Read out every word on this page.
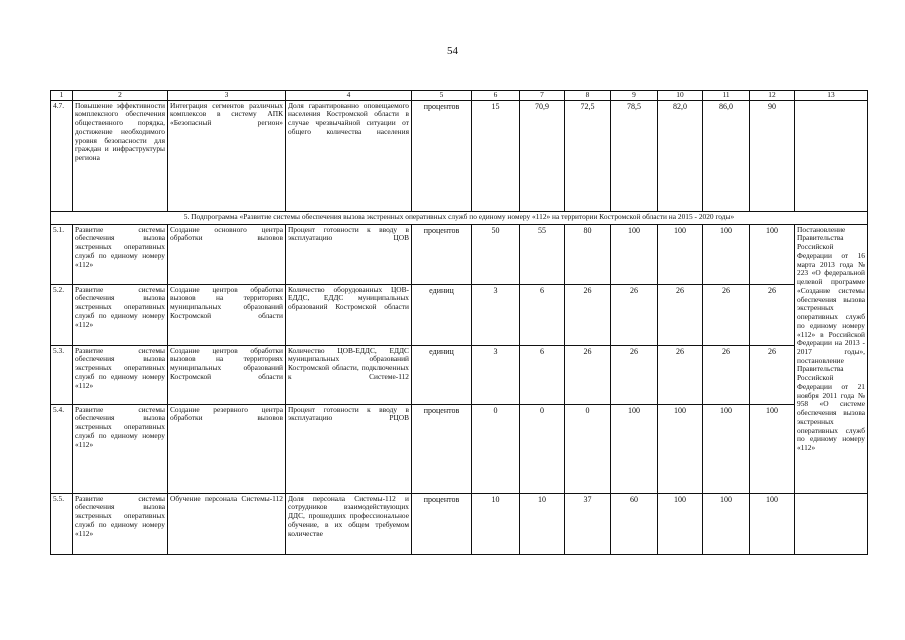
54
1	2	3	4	5	6	7	8	9	10	11	12	13
4.7.	Повышение эффективности комплексного обеспечения общественного порядка, достижение необходимого уровня безопасности для граждан и инфраструктуры региона	Интеграция сегментов различных комплексов в систему АПК «Безопасный регион»	Доля гарантированно оповещаемого населения Костромской области в случае чрезвычайной ситуации от общего количества населения	процентов	15	70,9	72,5	78,5	82,0	86,0	90	
5. Подпрограмма «Развитие системы обеспечения вызова экстренных оперативных служб по единому номеру «112» на территории Костромской области на 2015 - 2020 годы»												
5.1.	Развитие системы обеспечения вызова экстренных оперативных служб по единому номеру «112»	Создание основного центра обработки вызовов	Процент готовности к вводу в эксплуатацию ЦОВ	процентов	50	55	80	100	100	100	100	Постановление Правительства Российской Федерации от 16 марта 2013 года № 223 «О федеральной целевой программе «Создание системы обеспечения вызова экстренных оперативных служб по единому номеру «112» в Российской Федерации на 2013 - 2017 годы», постановление Правительства Российской Федерации от 21 ноября 2011 года № 958 «О системе обеспечения вызова экстренных оперативных служб по единому номеру «112»
5.2.	Развитие системы обеспечения вызова экстренных оперативных служб по единому номеру «112»	Создание центров обработки вызовов на территориях муниципальных образований Костромской области	Количество оборудованных ЦОВ-ЕДДС, ЕДДС муниципальных образований Костромской области	единиц	3	6	26	26	26	26	26	
5.3.	Развитие системы обеспечения вызова экстренных оперативных служб по единому номеру «112»	Создание центров обработки вызовов на территориях муниципальных образований Костромской области	Количество ЦОВ-ЕДДС, ЕДДС муниципальных образований Костромской области, подключенных к Системе-112	единиц	3	6	26	26	26	26	26	
5.4.	Развитие системы обеспечения вызова экстренных оперативных служб по единому номеру «112»	Создание резервного центра обработки вызовов	Процент готовности к вводу в эксплуатацию РЦОВ	процентов	0	0	0	100	100	100	100	
5.5.	Развитие системы обеспечения вызова экстренных оперативных служб по единому номеру «112»	Обучение персонала Системы-112	Доля персонала Системы-112 и сотрудников взаимодействующих ДДС, прошедших профессиональное обучение, в их общем требуемом количестве	процентов	10	10	37	60	100	100	100	
